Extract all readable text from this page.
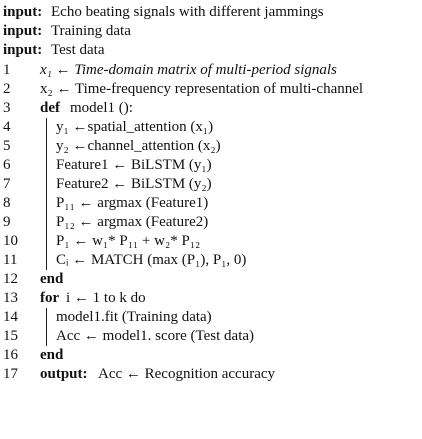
input: Echo beating signals with different jammings
input: Training data
input: Test data
1	x₁ ← Time-domain matrix of multi-period signals
2	x₂ ← Time-frequency representation of multi-channel
3	def model1 ():
4	y₁ ←spatial_attention (x₁)
5	y₂ ←channel_attention (x₂)
6	Feature1 ← BiLSTM (y₁)
7	Feature2 ← BiLSTM (y₂)
8	P₁₁ ← argmax (Feature1)
9	P₁₂ ← argmax (Feature2)
10	P₁ ← w₁* P₁₁ + w₂* P₁₂
11	Cᵢ ← MATCH (max (P₁), P₁, 0)
12	end
13	for i ← 1 to k do
14	model1.fit (Training data)
15	Acc ← model1. score (Test data)
16	end
17	output: Acc ← Recognition accuracy
